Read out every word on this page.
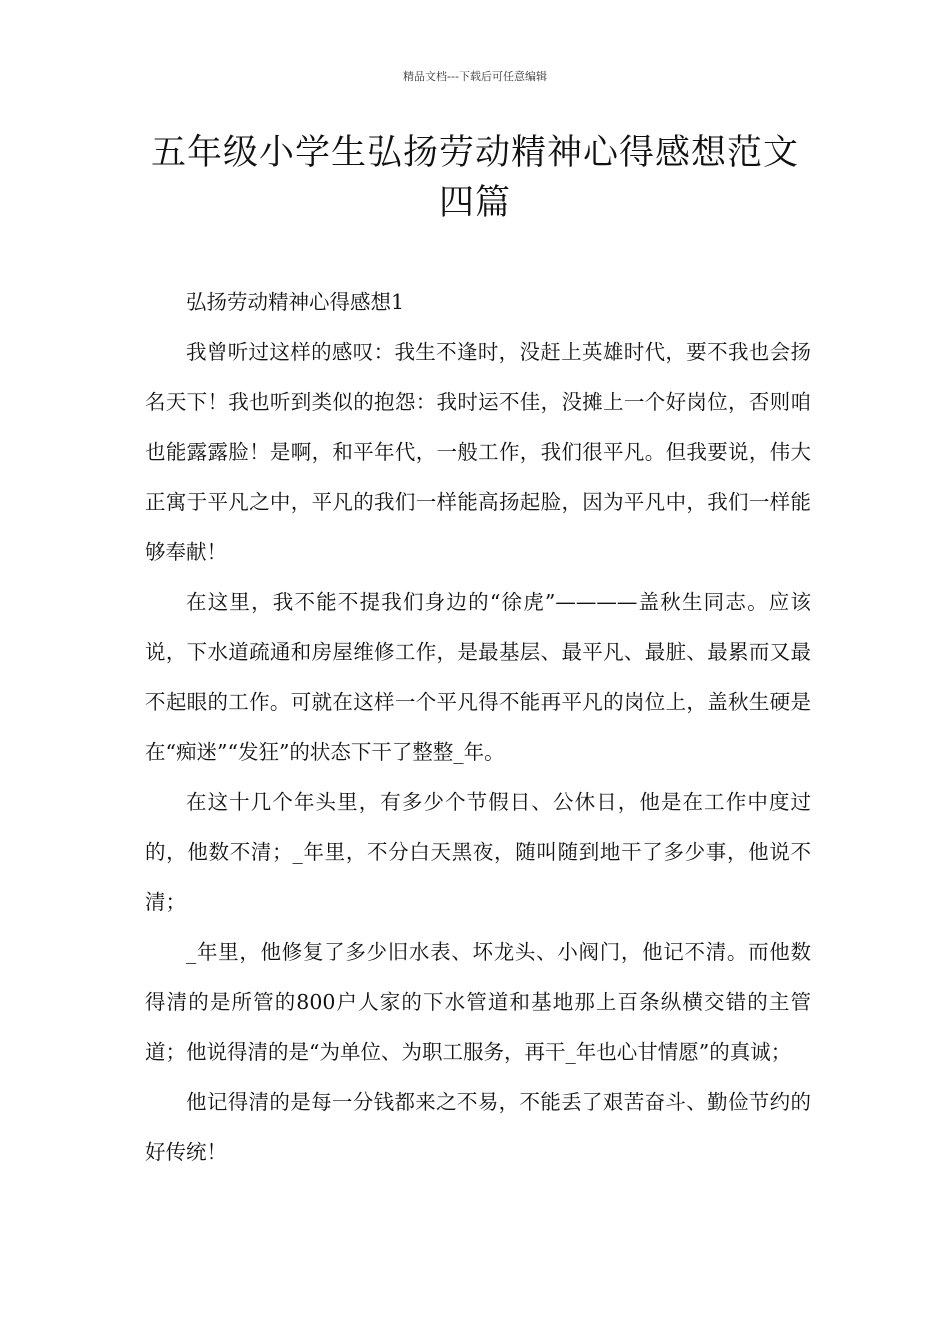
精品文档---下载后可任意编辑
五年级小学生弘扬劳动精神心得感想范文四篇

弘扬劳动精神心得感想1

我曾听过这样的感叹：我生不逢时，没赶上英雄时代，要不我也会扬名天下！我也听到类似的抱怨：我时运不佳，没摊上一个好岗位，否则咱也能露露脸！是啊，和平年代，一般工作，我们很平凡。但我要说，伟大正寓于平凡之中，平凡的我们一样能高扬起脸，因为平凡中，我们一样能够奉献！

在这里，我不能不提我们身边的“徐虎”————盖秋生同志。应该说，下水道疏通和房屋维修工作，是最基层、最平凡、最脏、最累而又最不起眼的工作。可就在这样一个平凡得不能再平凡的岗位上，盖秋生硬是在“痴迷”“发狂”的状态下干了整整_年。

在这十几个年头里，有多少个节假日、公休日，他是在工作中度过的，他数不清；_年里，不分白天黑夜，随叫随到地干了多少事，他说不清；

_年里，他修复了多少旧水表、坏龙头、小阀门，他记不清。而他数得清的是所管的800户人家的下水管道和基地那上百条纵横交错的主管道；他说得清的是“为单位、为职工服务，再干_年也心甘情愿”的真诚；

他记得清的是每一分钱都来之不易，不能丢了艰苦奋斗、勤俭节约的好传统！
